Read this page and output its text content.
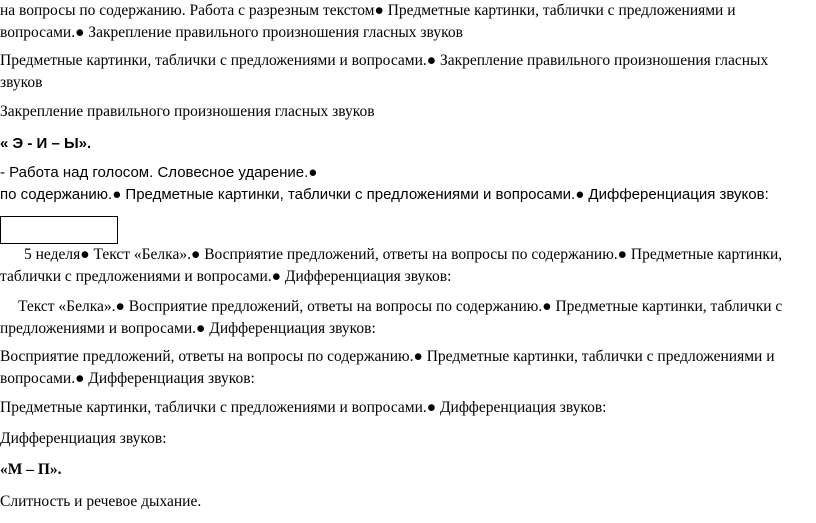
на вопросы по содержанию. Работа с разрезным текстом● Предметные картинки, таблички с предложениями и вопросами.● Закрепление правильного произношения гласных звуков
Предметные картинки, таблички с предложениями и вопросами.● Закрепление правильного произношения гласных звуков
Закрепление правильного произношения гласных звуков
« Э - И – Ы».
- Работа над голосом. Словесное ударение.●
по содержанию.● Предметные картинки, таблички с предложениями и вопросами.● Дифференциация звуков:
5 неделя● Текст «Белка».● Восприятие предложений, ответы на вопросы по содержанию.● Предметные картинки, таблички с предложениями и вопросами.● Дифференциация звуков:
Текст «Белка».● Восприятие предложений, ответы на вопросы по содержанию.● Предметные картинки, таблички с предложениями и вопросами.● Дифференциация звуков:
Восприятие предложений, ответы на вопросы по содержанию.● Предметные картинки, таблички с предложениями и вопросами.● Дифференциация звуков:
Предметные картинки, таблички с предложениями и вопросами.● Дифференциация звуков:
Дифференциация звуков:
«М – П».
Слитность и речевое дыхание.
